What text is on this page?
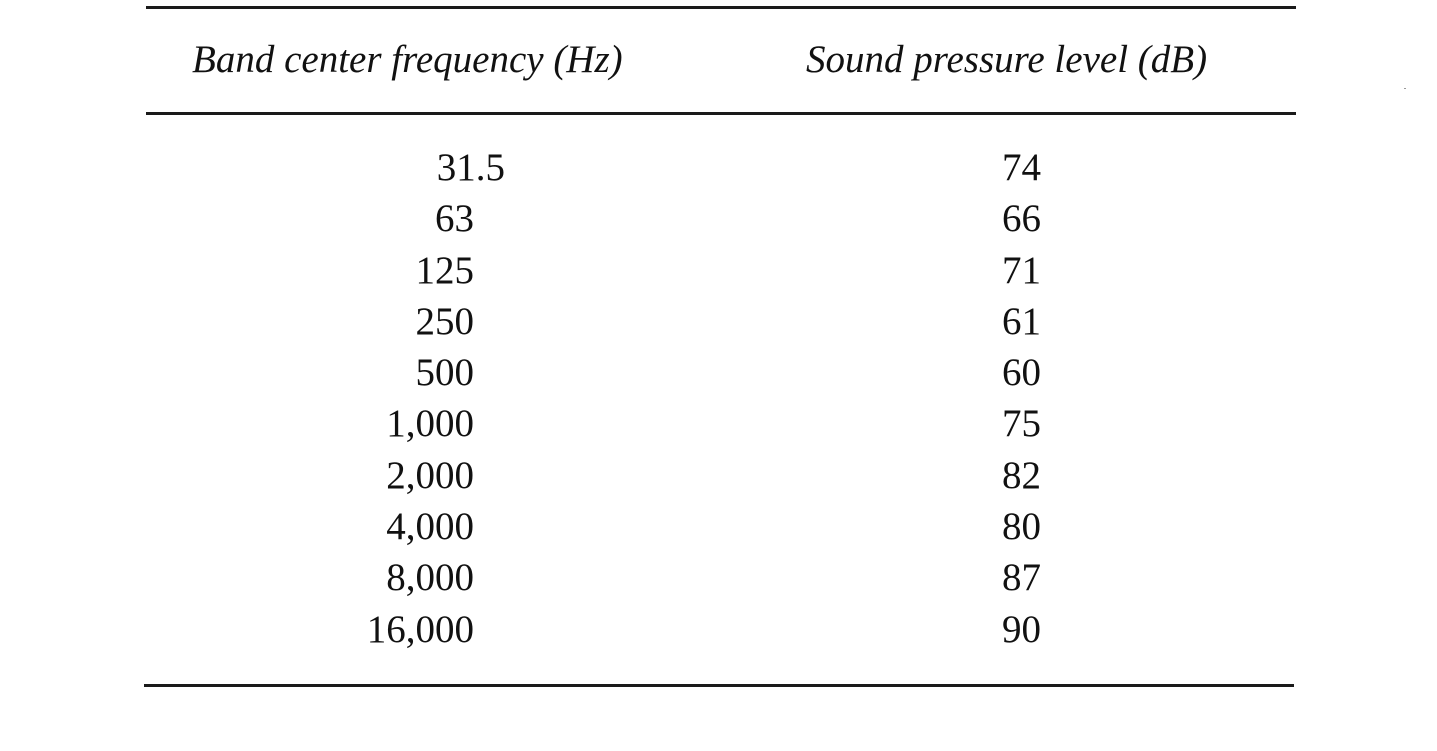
Band center frequency (Hz)	Sound pressure level (dB)
31.5	74
63	66
125	71
250	61
500	60
1,000	75
2,000	82
4,000	80
8,000	87
16,000	90
